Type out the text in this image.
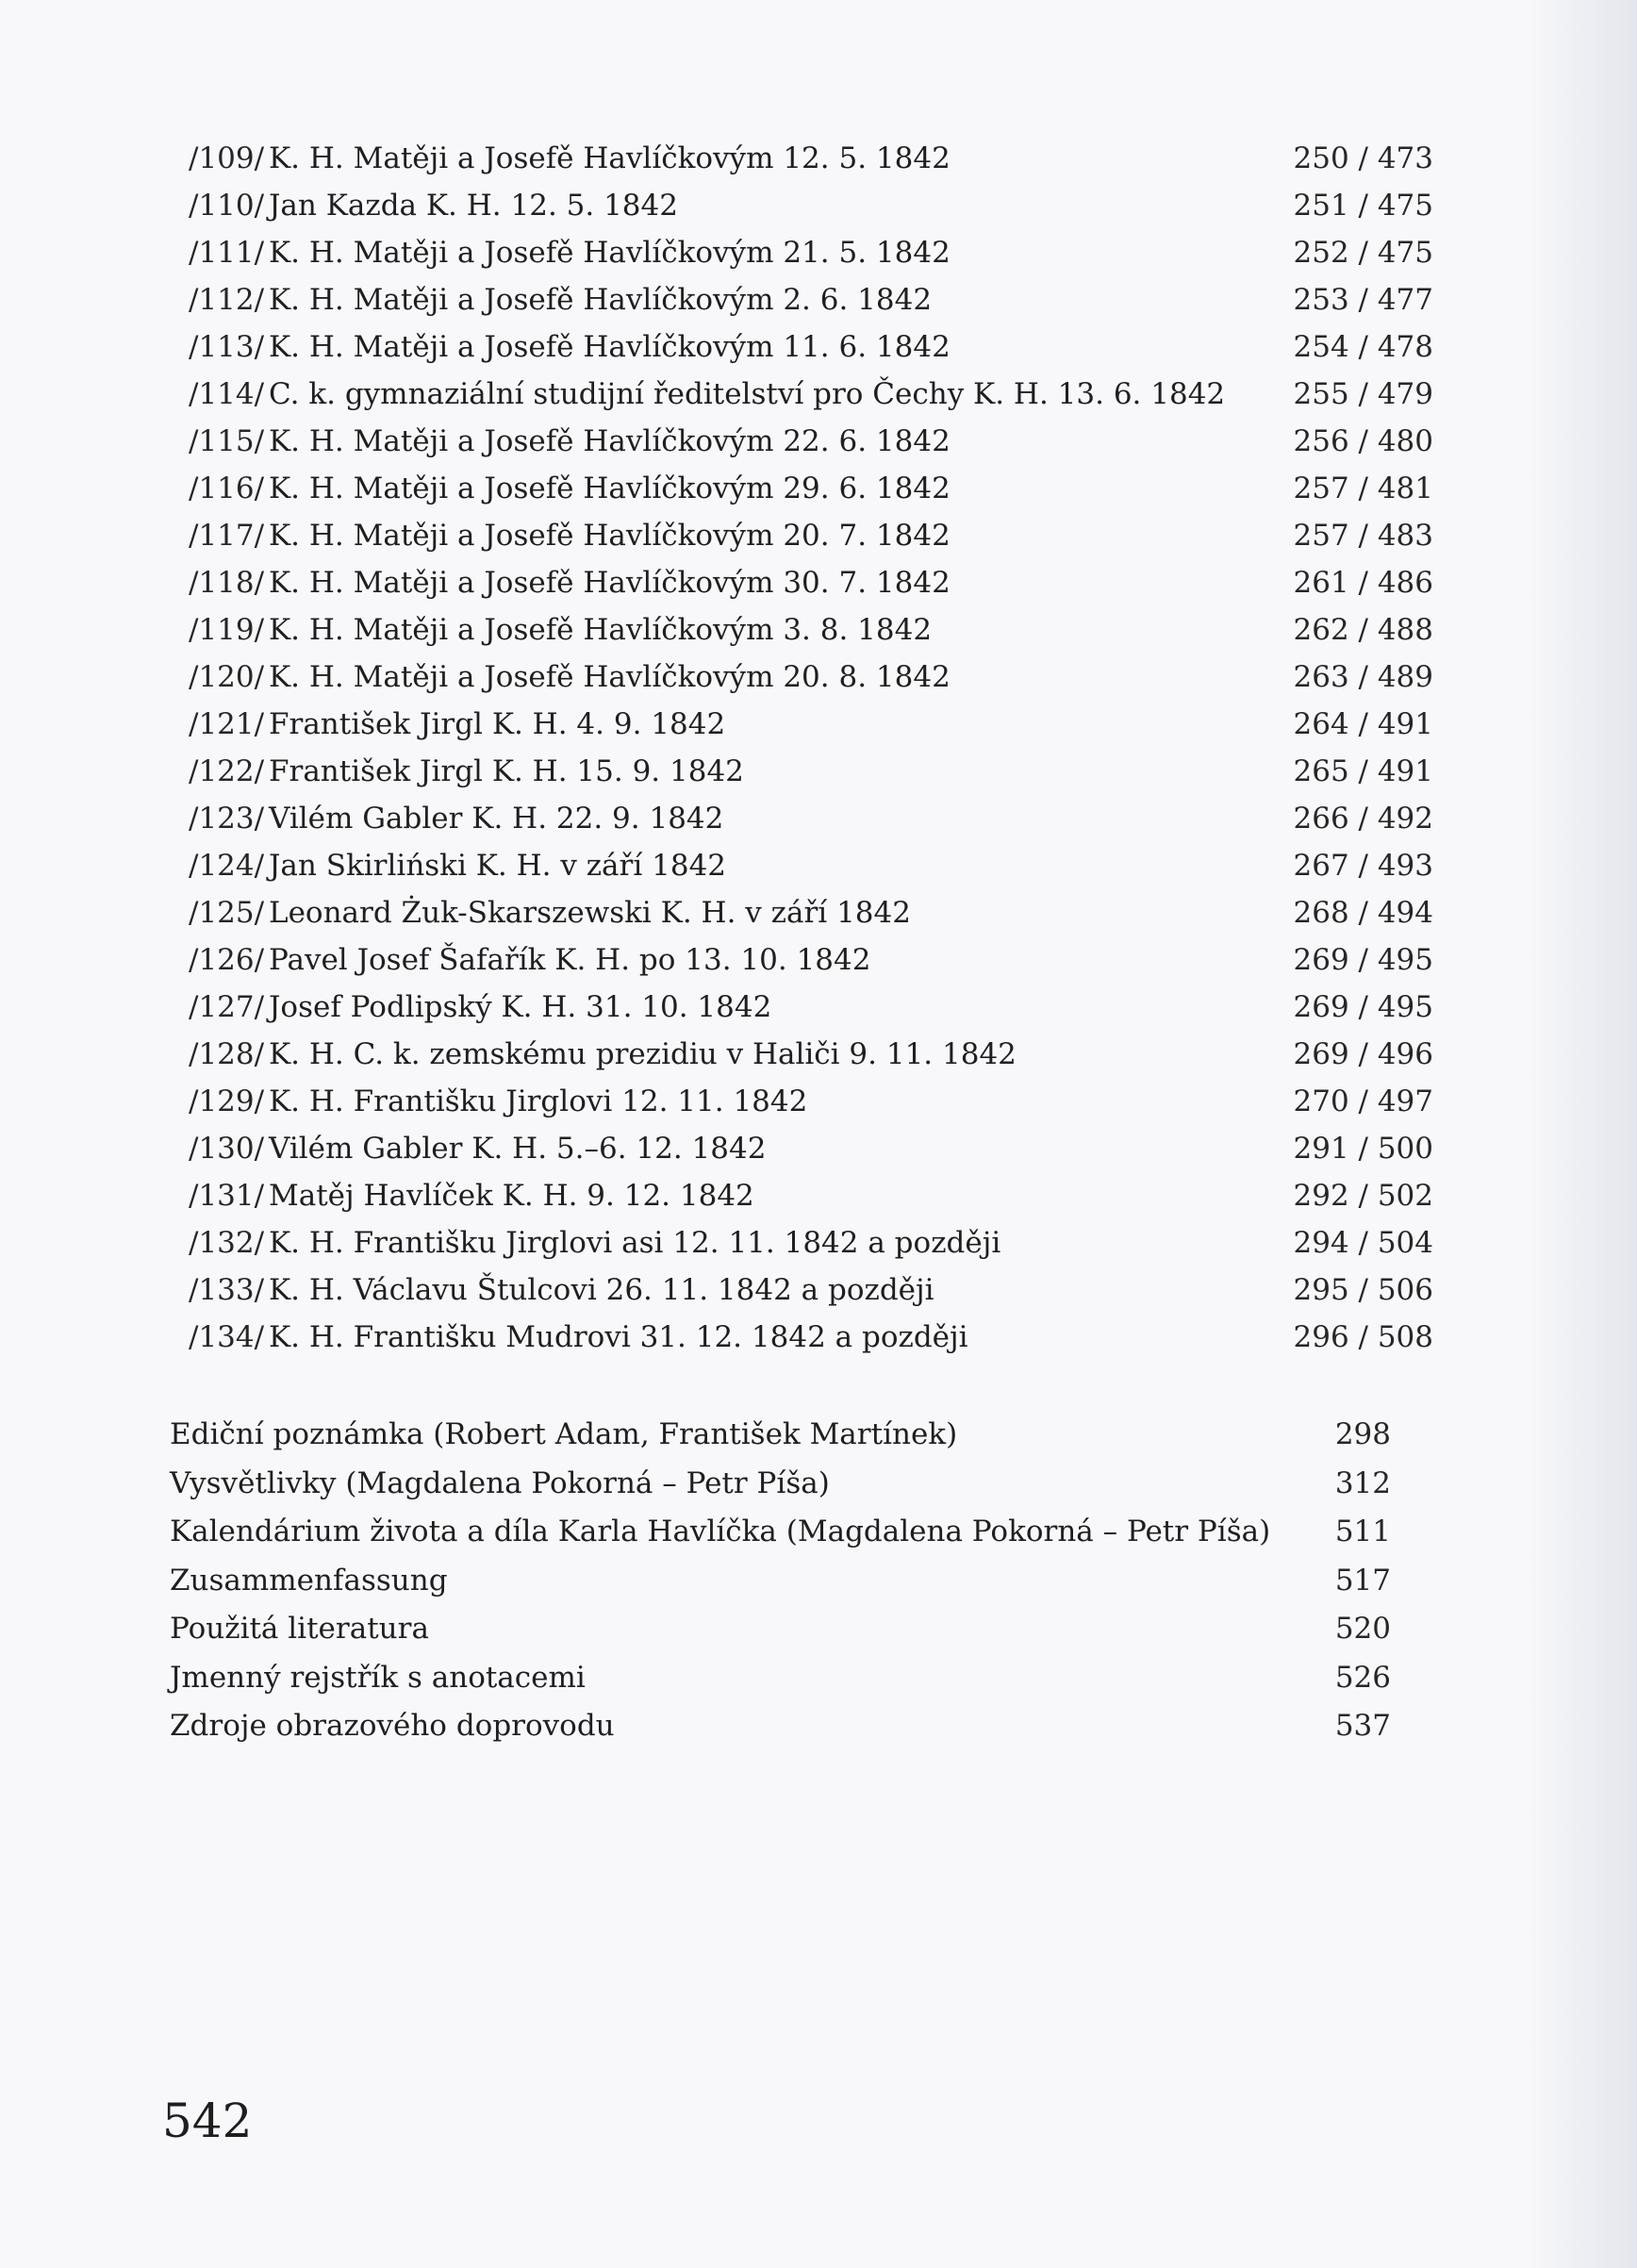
/109/ K. H. Matěji a Josefě Havlíčkovým 12. 5. 1842	250 / 473
/110/ Jan Kazda K. H. 12. 5. 1842	251 / 475
/111/ K. H. Matěji a Josefě Havlíčkovým 21. 5. 1842	252 / 475
/112/ K. H. Matěji a Josefě Havlíčkovým 2. 6. 1842	253 / 477
/113/ K. H. Matěji a Josefě Havlíčkovým 11. 6. 1842	254 / 478
/114/ C. k. gymnaziální studijní ředitelství pro Čechy K. H. 13. 6. 1842 255 / 479
/115/ K. H. Matěji a Josefě Havlíčkovým 22. 6. 1842	256 / 480
/116/ K. H. Matěji a Josefě Havlíčkovým 29. 6. 1842	257 / 481
/117/ K. H. Matěji a Josefě Havlíčkovým 20. 7. 1842	257 / 483
/118/ K. H. Matěji a Josefě Havlíčkovým 30. 7. 1842	261 / 486
/119/ K. H. Matěji a Josefě Havlíčkovým 3. 8. 1842	262 / 488
/120/ K. H. Matěji a Josefě Havlíčkovým 20. 8. 1842	263 / 489
/121/ František Jirgl K. H. 4. 9. 1842	264 / 491
/122/ František Jirgl K. H. 15. 9. 1842	265 / 491
/123/ Vilém Gabler K. H. 22. 9. 1842	266 / 492
/124/ Jan Skirliński K. H. v září 1842	267 / 493
/125/ Leonard Żuk-Skarszewski K. H. v září 1842	268 / 494
/126/ Pavel Josef Šafařík K. H. po 13. 10. 1842	269 / 495
/127/ Josef Podlipský K. H. 31. 10. 1842	269 / 495
/128/ K. H. C. k. zemskému prezidiu v Haliči 9. 11. 1842	269 / 496
/129/ K. H. Františku Jirglovi 12. 11. 1842	270 / 497
/130/ Vilém Gabler K. H. 5.–6. 12. 1842	291 / 500
/131/ Matěj Havlíček K. H. 9. 12. 1842	292 / 502
/132/ K. H. Františku Jirglovi asi 12. 11. 1842 a později	294 / 504
/133/ K. H. Václavu Štulcovi 26. 11. 1842 a později	295 / 506
/134/ K. H. Františku Mudrovi 31. 12. 1842 a později	296 / 508
Ediční poznámka (Robert Adam, František Martínek)	298
Vysvětlivky (Magdalena Pokorná – Petr Píša)	312
Kalendárium života a díla Karla Havlíčka (Magdalena Pokorná – Petr Píša) 511
Zusammenfassung	517
Použitá literatura	520
Jmenný rejstřík s anotacemi	526
Zdroje obrazového doprovodu	537
542
